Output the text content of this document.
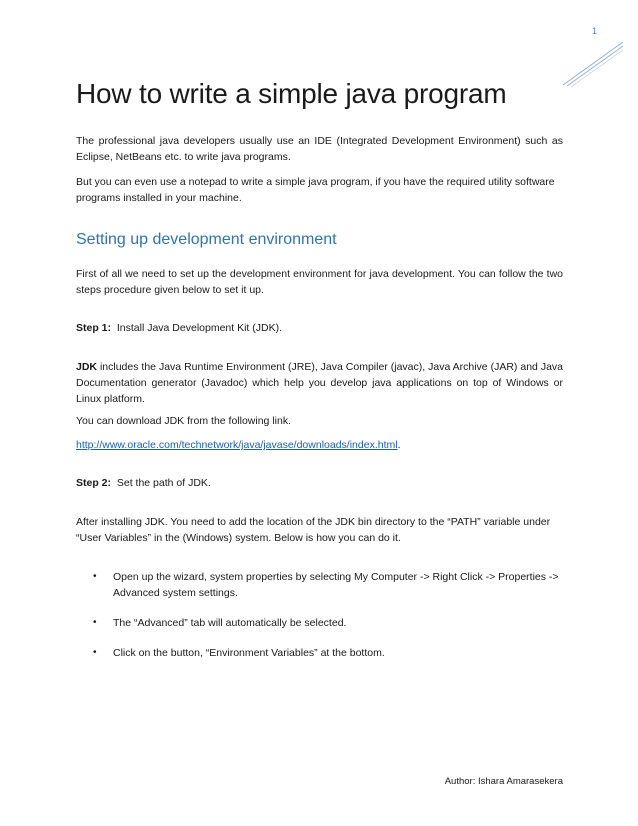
1
How to write a simple java program

The professional java developers usually use an IDE (Integrated Development Environment) such as Eclipse, NetBeans etc. to write java programs.

But you can even use a notepad to write a simple java program, if you have the required utility software programs installed in your machine.

Setting up development environment

First of all we need to set up the development environment for java development. You can follow the two steps procedure given below to set it up.

Step 1: Install Java Development Kit (JDK).

JDK includes the Java Runtime Environment (JRE), Java Compiler (javac), Java Archive (JAR) and Java Documentation generator (Javadoc) which help you develop java applications on top of Windows or Linux platform.

You can download JDK from the following link.

http://www.oracle.com/technetwork/java/javase/downloads/index.html.

Step 2: Set the path of JDK.

After installing JDK. You need to add the location of the JDK bin directory to the “PATH” variable under “User Variables” in the (Windows) system. Below is how you can do it.

• Open up the wizard, system properties by selecting My Computer -> Right Click -> Properties -> Advanced system settings.
• The “Advanced” tab will automatically be selected.
• Click on the button, “Environment Variables” at the bottom.
Author: Ishara Amarasekera
